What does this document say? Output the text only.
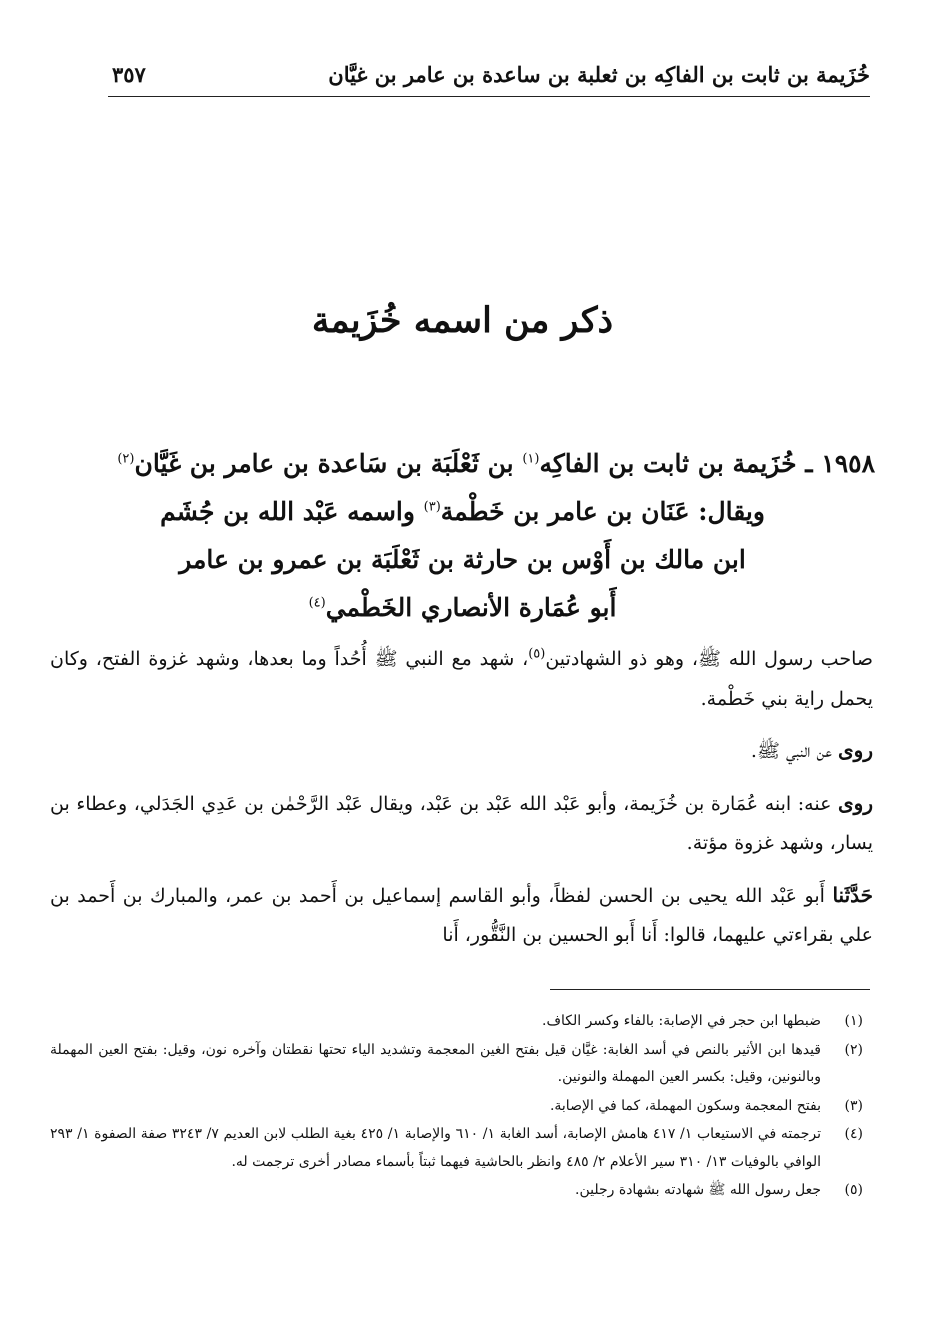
خُزَيمة بن ثابت بن الفاكِه بن ثعلبة بن ساعدة بن عامر بن غيَّان
٣٥٧
ذكر من اسمه خُزَيمة
١٩٥٨ ـ خُزَيمة بن ثابت بن الفاكِه$^{(١)}$ بن ثَعْلَبَة بن سَاعدة بن عامر بن غَيَّان$^{(٢)}$
ويقال: عَنَان بن عامر بن خَطْمة$^{(٣)}$ واسمه عَبْد الله بن جُشَم
ابن مالك بن أَوْس بن حارثة بن ثَعْلَبَة بن عمرو بن عامر
أَبو عُمَارة الأنصاري الخَطْمي$^{(٤)}$

صاحب رسول الله ﷺ، وهو ذو الشهادتين$^{(٥)}$، شهد مع النبي ﷺ أُحُداً وما بعدها، وشهد غزوة الفتح، وكان يحمل راية بني خَطْمة.

روى عن النبي ﷺ.

روى عنه: ابنه عُمَارة بن خُزَيمة، وأبو عَبْد الله عَبْد بن عَبْد، ويقال عَبْد الرَّحْمٰن بن عَدِي الجَدَلي، وعطاء بن يسار، وشهد غزوة مؤتة.

حَدَّثَنا أَبو عَبْد الله يحيى بن الحسن لفظاً، وأبو القاسم إسماعيل بن أَحمد بن عمر، والمبارك بن أَحمد بن علي بقراءتي عليهما، قالوا: أَنا أَبو الحسين بن النَّقُّور، أَنا

(١)
ضبطها ابن حجر في الإصابة: بالفاء وكسر الكاف.
(٢)
قيدها ابن الأثير بالنص في أسد الغابة: غيَّان قيل بفتح الغين المعجمة وتشديد الياء تحتها نقطتان وآخره نون، وقيل: بفتح العين المهملة وبالنونين، وقيل: بكسر العين المهملة والنونين.
(٣)
بفتح المعجمة وسكون المهملة، كما في الإصابة.
(٤)
ترجمته في الاستيعاب ١/ ٤١٧ هامش الإصابة، أسد الغابة ١/ ٦١٠ والإصابة ١/ ٤٢٥ بغية الطلب لابن العديم ٧/ ٣٢٤٣ صفة الصفوة ١/ ٢٩٣ الوافي بالوفيات ١٣/ ٣١٠ سير الأعلام ٢/ ٤٨٥ وانظر بالحاشية فيهما ثبتاً بأسماء مصادر أخرى ترجمت له.
(٥)
جعل رسول الله ﷺ شهادته بشهادة رجلين.
